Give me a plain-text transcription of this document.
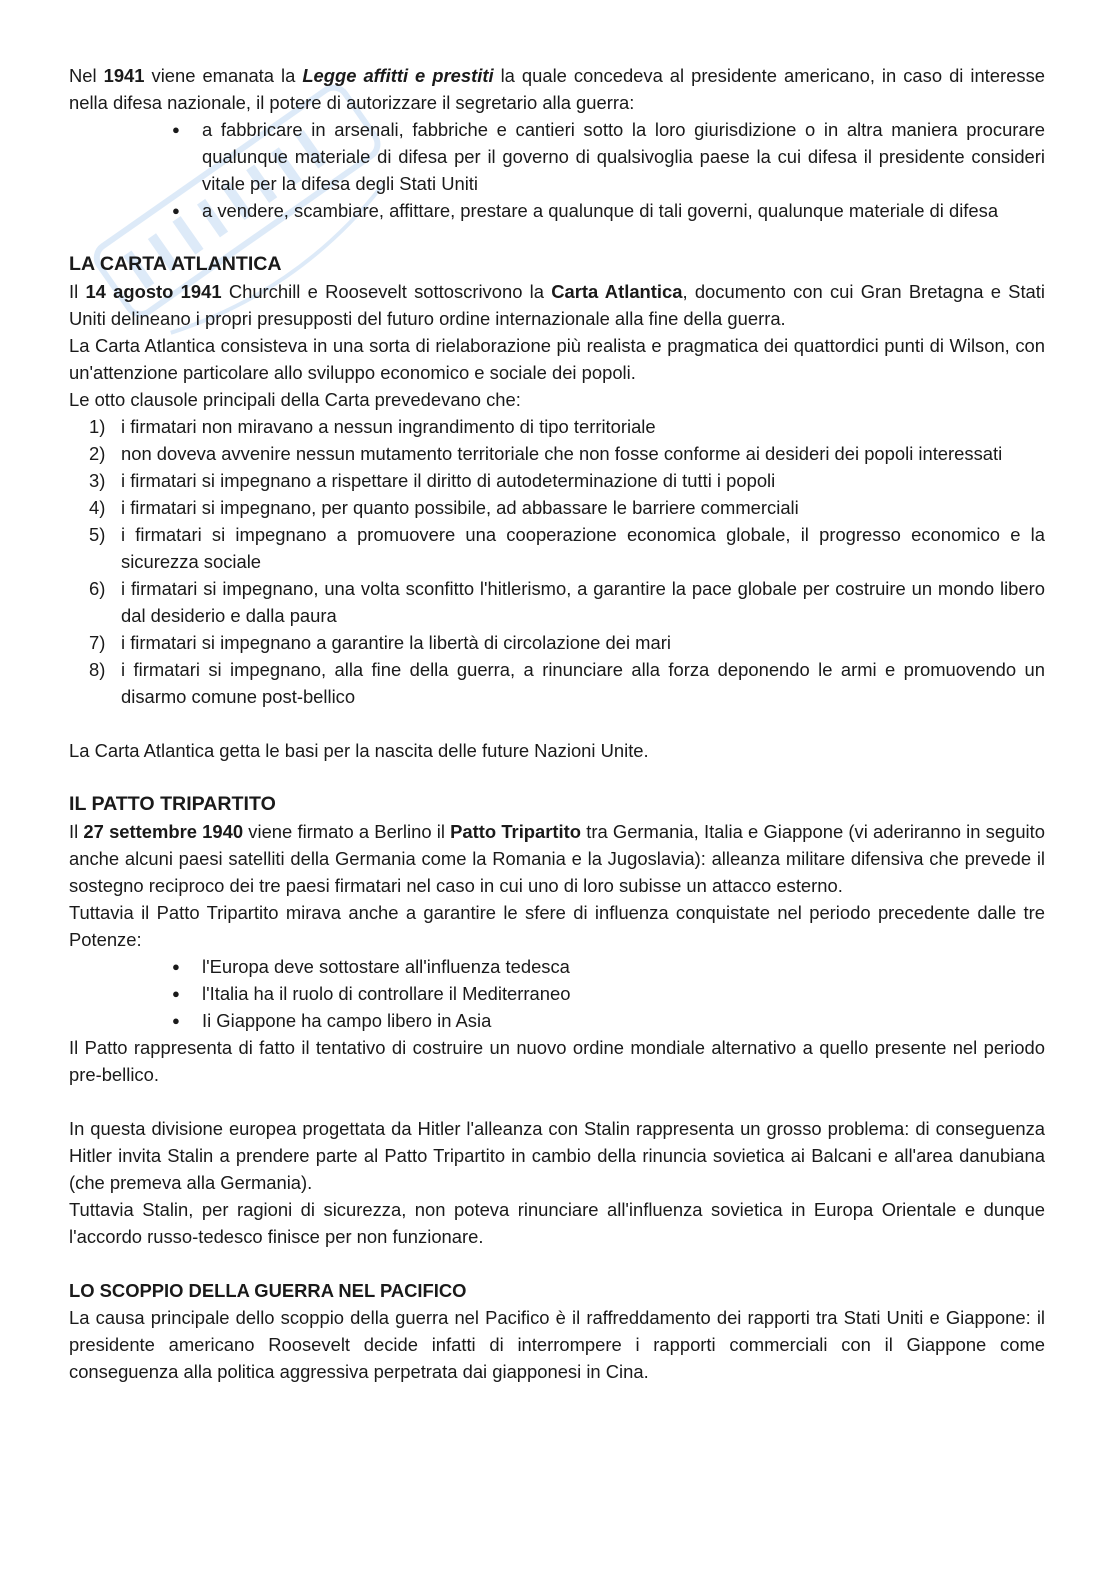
Nel 1941 viene emanata la Legge affitti e prestiti la quale concedeva al presidente americano, in caso di interesse nella difesa nazionale, il potere di autorizzare il segretario alla guerra:

● a fabbricare in arsenali, fabbriche e cantieri sotto la loro giurisdizione o in altra maniera procurare qualunque materiale di difesa per il governo di qualsivoglia paese la cui difesa il presidente consideri vitale per la difesa degli Stati Uniti
● a vendere, scambiare, affittare, prestare a qualunque di tali governi, qualunque materiale di difesa
LA CARTA ATLANTICA

Il 14 agosto 1941 Churchill e Roosevelt sottoscrivono la Carta Atlantica, documento con cui Gran Bretagna e Stati Uniti delineano i propri presupposti del futuro ordine internazionale alla fine della guerra.

La Carta Atlantica consisteva in una sorta di rielaborazione più realista e pragmatica dei quattordici punti di Wilson, con un'attenzione particolare allo sviluppo economico e sociale dei popoli.

Le otto clausole principali della Carta prevedevano che:

1) i firmatari non miravano a nessun ingrandimento di tipo territoriale
2) non doveva avvenire nessun mutamento territoriale che non fosse conforme ai desideri dei popoli interessati
3) i firmatari si impegnano a rispettare il diritto di autodeterminazione di tutti i popoli
4) i firmatari si impegnano, per quanto possibile, ad abbassare le barriere commerciali
5) i firmatari si impegnano a promuovere una cooperazione economica globale, il progresso economico e la sicurezza sociale
6) i firmatari si impegnano, una volta sconfitto l'hitlerismo, a garantire la pace globale per costruire un mondo libero dal desiderio e dalla paura
7) i firmatari si impegnano a garantire la libertà di circolazione dei mari
8) i firmatari si impegnano, alla fine della guerra, a rinunciare alla forza deponendo le armi e promuovendo un disarmo comune post-bellico

La Carta Atlantica getta le basi per la nascita delle future Nazioni Unite.

IL PATTO TRIPARTITO

Il 27 settembre 1940 viene firmato a Berlino il Patto Tripartito tra Germania, Italia e Giappone (vi aderiranno in seguito anche alcuni paesi satelliti della Germania come la Romania e la Jugoslavia): alleanza militare difensiva che prevede il sostegno reciproco dei tre paesi firmatari nel caso in cui uno di loro subisse un attacco esterno.

Tuttavia il Patto Tripartito mirava anche a garantire le sfere di influenza conquistate nel periodo precedente dalle tre Potenze:

● l'Europa deve sottostare all'influenza tedesca
● l'Italia ha il ruolo di controllare il Mediterraneo
● Ii Giappone ha campo libero in Asia

Il Patto rappresenta di fatto il tentativo di costruire un nuovo ordine mondiale alternativo a quello presente nel periodo pre-bellico.

In questa divisione europea progettata da Hitler l'alleanza con Stalin rappresenta un grosso problema: di conseguenza Hitler invita Stalin a prendere parte al Patto Tripartito in cambio della rinuncia sovietica ai Balcani e all'area danubiana (che premeva alla Germania).

Tuttavia Stalin, per ragioni di sicurezza, non poteva rinunciare all'influenza sovietica in Europa Orientale e dunque l'accordo russo-tedesco finisce per non funzionare.

LO SCOPPIO DELLA GUERRA NEL PACIFICO

La causa principale dello scoppio della guerra nel Pacifico è il raffreddamento dei rapporti tra Stati Uniti e Giappone: il presidente americano Roosevelt decide infatti di interrompere i rapporti commerciali con il Giappone come conseguenza alla politica aggressiva perpetrata dai giapponesi in Cina.
